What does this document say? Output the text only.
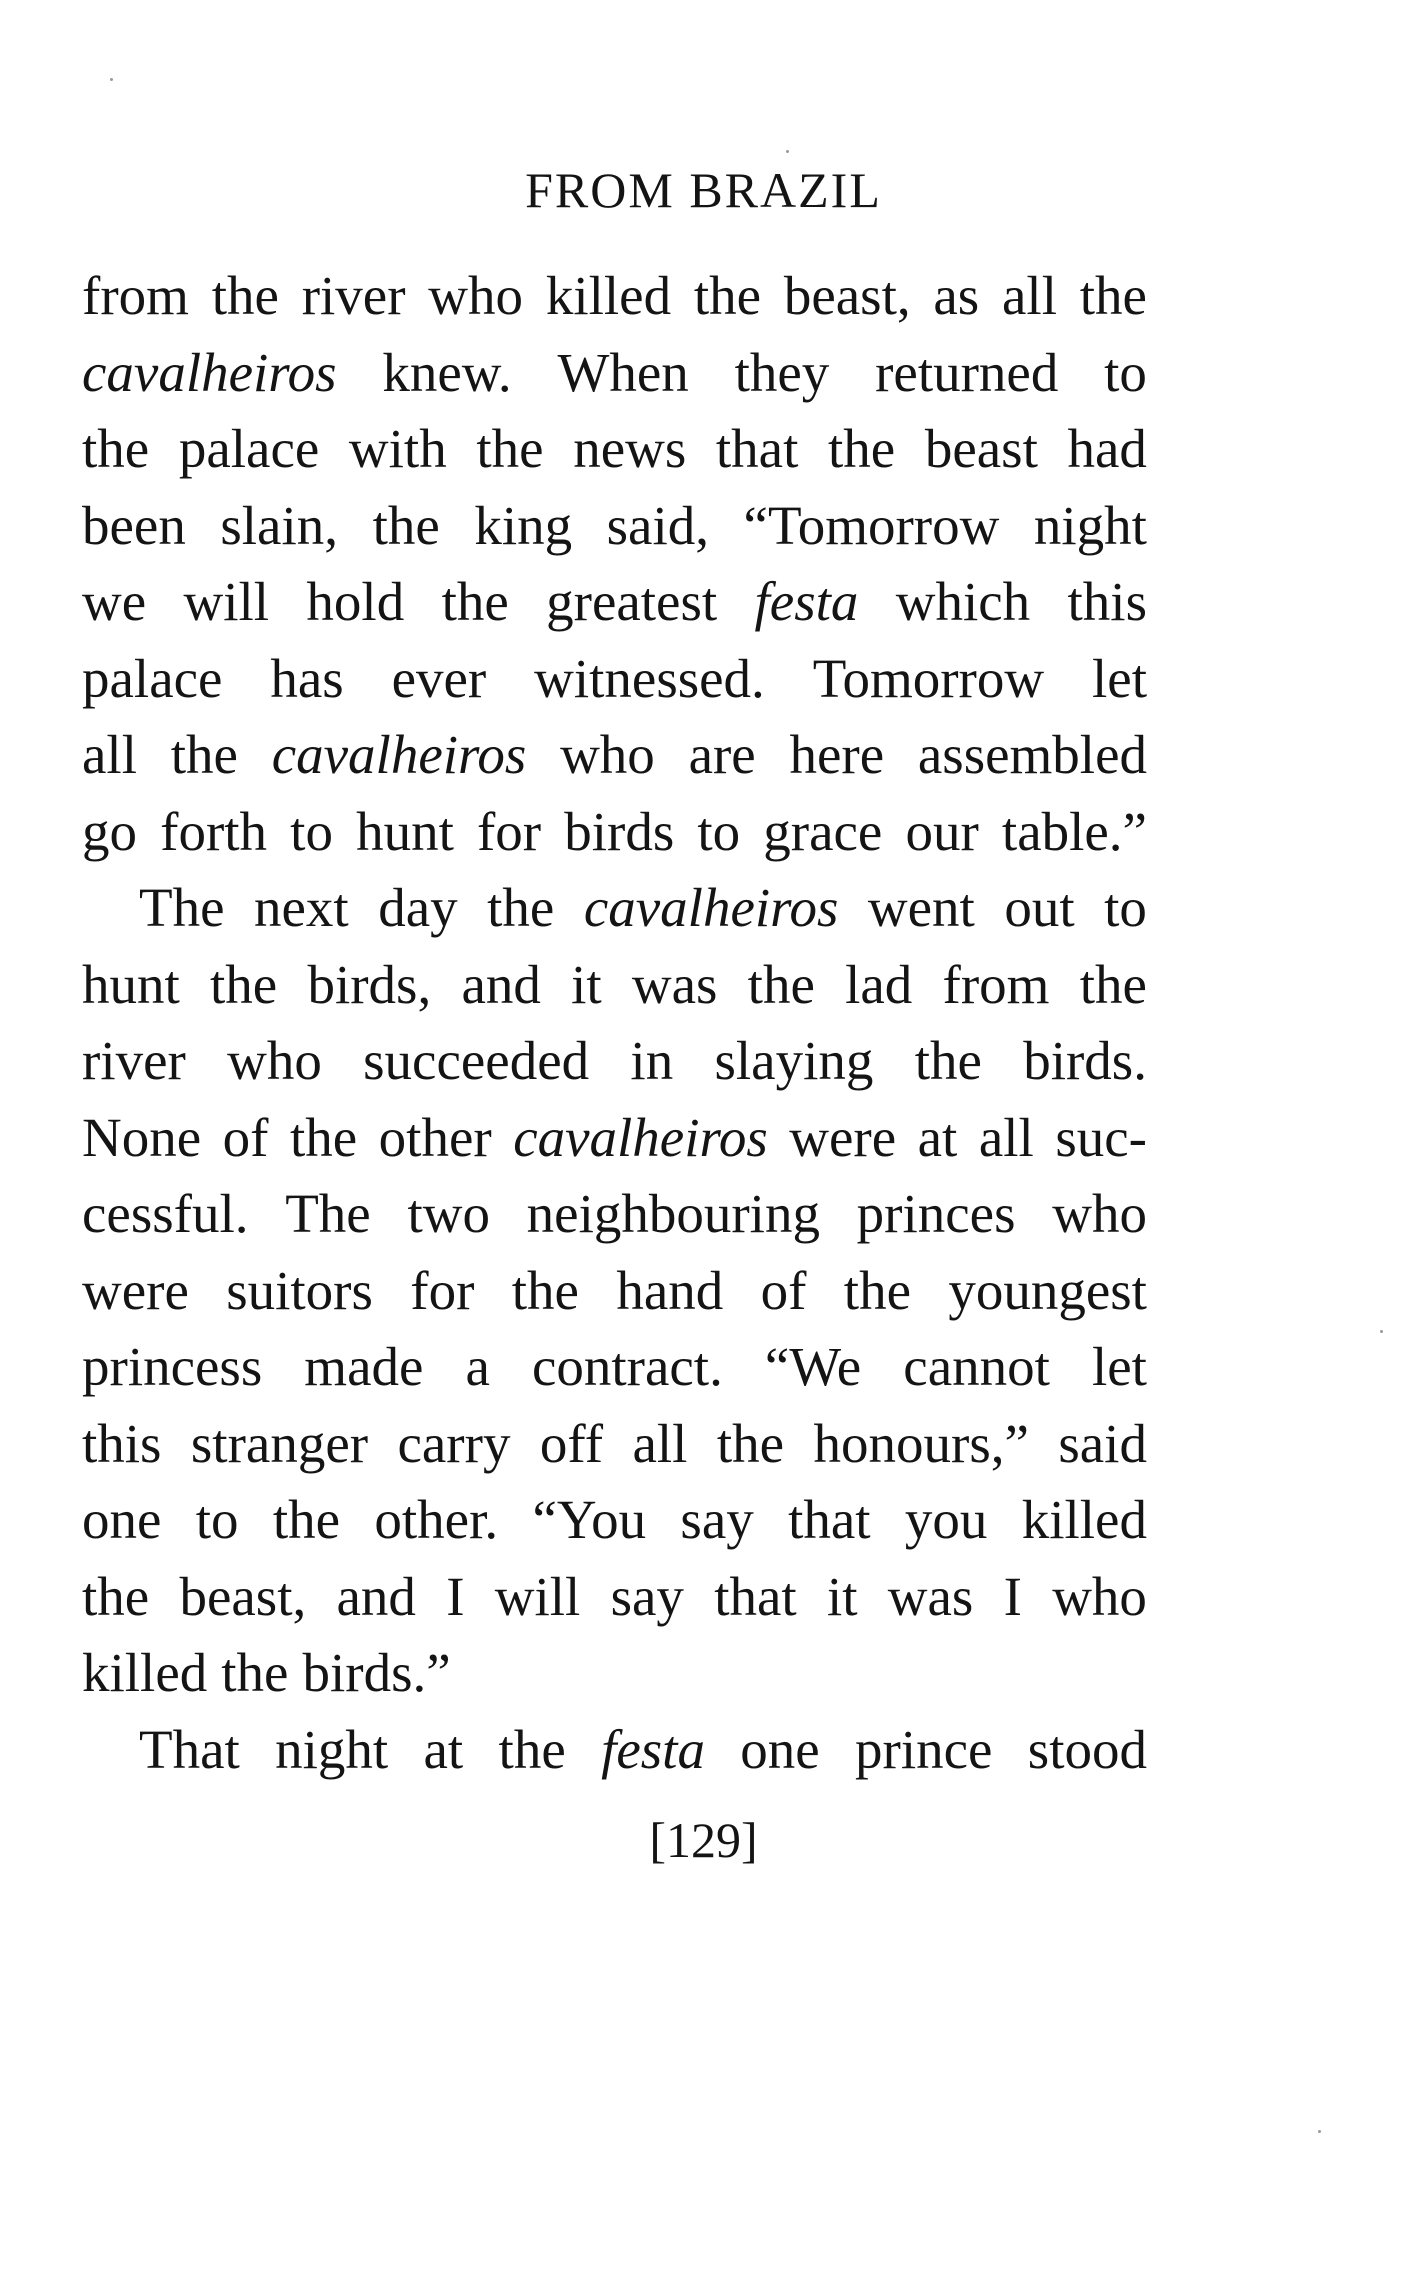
FROM BRAZIL
from the river who killed the beast, as all the
cavalheiros knew. When they returned to
the palace with the news that the beast had
been slain, the king said, “Tomorrow night
we will hold the greatest festa which this
palace has ever witnessed. Tomorrow let
all the cavalheiros who are here assembled
go forth to hunt for birds to grace our table.”
The next day the cavalheiros went out to
hunt the birds, and it was the lad from the
river who succeeded in slaying the birds.
None of the other cavalheiros were at all suc-
cessful. The two neighbouring princes who
were suitors for the hand of the youngest
princess made a contract. “We cannot let
this stranger carry off all the honours,” said
one to the other. “You say that you killed
the beast, and I will say that it was I who
killed the birds.”
That night at the festa one prince stood
[129]
